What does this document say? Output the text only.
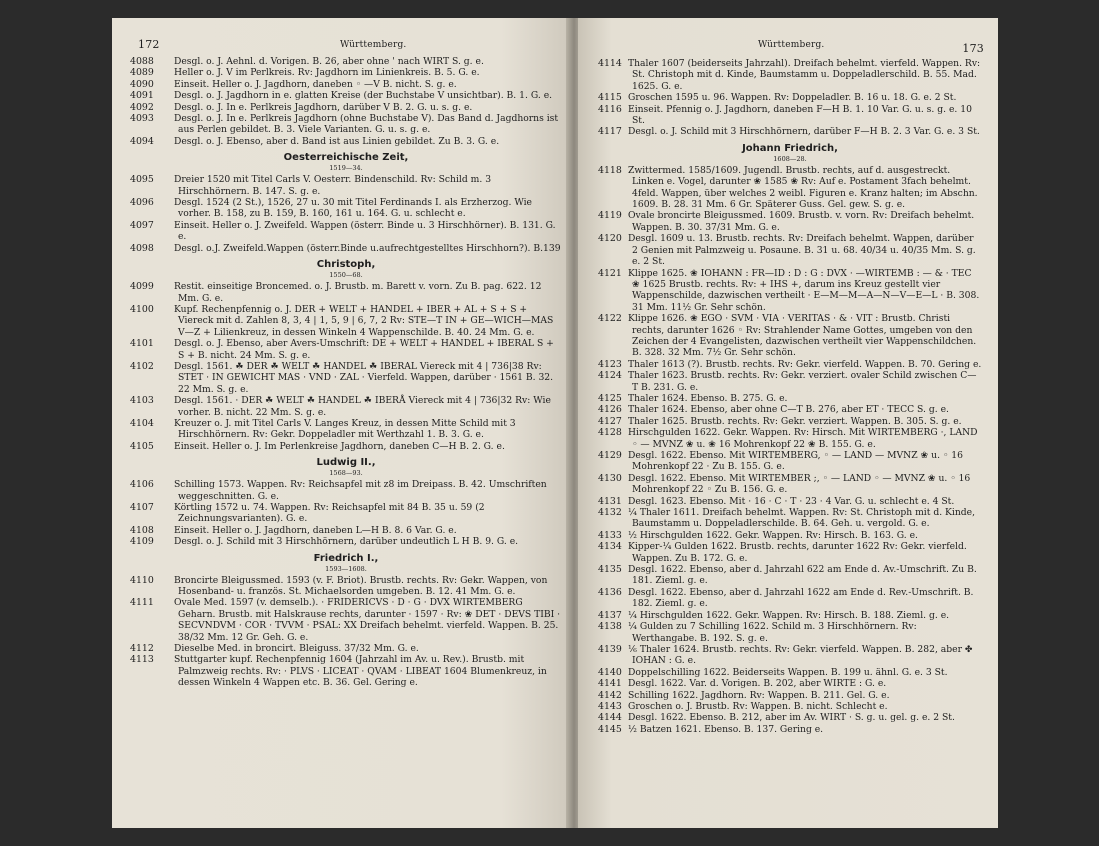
172	Württemberg.

4088 Desgl. o. J. Aehnl. d. Vorigen. B. 26, aber ohne ' nach WIRT S. g. e.

4089 Heller o. J. V im Perlkreis. Rv: Jagdhorn im Linienkreis. B. 5. G. e.

4090 Einseit. Heller o. J. Jagdhorn, daneben ◦ —V B. nicht. S. g. e.

4091 Desgl. o. J. Jagdhorn in e. glatten Kreise (der Buchstabe V unsichtbar). B. 1. G. e.

4092 Desgl. o. J. In e. Perlkreis Jagdhorn, darüber V B. 2. G. u. s. g. e.

4093 Desgl. o. J. In e. Perlkreis Jagdhorn (ohne Buchstabe V). Das Band d. Jagdhorns ist aus Perlen gebildet. B. 3. Viele Varianten. G. u. s. g. e.

4094 Desgl. o. J. Ebenso, aber d. Band ist aus Linien gebildet. Zu B. 3. G. e.

Oesterreichische Zeit,
1519—34.

4095 Dreier 1520 mit Titel Carls V. Oesterr. Bindenschild. Rv: Schild m. 3 Hirschhörnern. B. 147. S. g. e.

4096 Desgl. 1524 (2 St.), 1526, 27 u. 30 mit Titel Ferdinands I. als Erzherzog. Wie vorher. B. 158, zu B. 159, B. 160, 161 u. 164. G. u. schlecht e.

4097 Einseit. Heller o. J. Zweifeld. Wappen (österr. Binde u. 3 Hirschhörner). B. 131. G. e.

4098 Desgl. o.J. Zweifeld.Wappen (österr.Binde u.aufrechtgestelltes Hirschhorn?). B.139

Christoph,
1550—68.

4099 Restit. einseitige Broncemed. o. J. Brustb. m. Barett v. vorn. Zu B. pag. 622. 12 Mm. G. e.

4100 Kupf. Rechenpfennig o. J. DER + WELT + HANDEL + IBER + AL + S + S + Viereck mit d. Zahlen 8, 3, 4 | 1, 5, 9 | 6, 7, 2 Rv: STE—T IN + GE—WICH—MAS V—Z + Lilienkreuz, in dessen Winkeln 4 Wappenschilde. B. 40. 24 Mm. G. e.

4101 Desgl. o. J. Ebenso, aber Avers-Umschrift: DE + WELT + HANDEL + IBERAL S + S + B. nicht. 24 Mm. S. g. e.

4102 Desgl. 1561. ☘ DER ☘ WELT ☘ HANDEL ☘ IBERAL Viereck mit 4 | 736|38 Rv: STET · IN GEWICHT MAS · VND · ZAL · Vierfeld. Wappen, darüber · 1561 B. 32. 22 Mm. S. g. e.

4103 Desgl. 1561. · DER ☘ WELT ☘ HANDEL ☘ IBERÅ Viereck mit 4 | 736|32 Rv: Wie vorher. B. nicht. 22 Mm. S. g. e.

4104 Kreuzer o. J. mit Titel Carls V. Langes Kreuz, in dessen Mitte Schild mit 3 Hirschhörnern. Rv: Gekr. Doppeladler mit Werthzahl 1. B. 3. G. e.

4105 Einseit. Heller o. J. Im Perlenkreise Jagdhorn, daneben C—H B. 2. G. e.

Ludwig II.,
1568—93.

4106 Schilling 1573. Wappen. Rv: Reichsapfel mit z8 im Dreipass. B. 42. Umschriften weggeschnitten. G. e.

4107 Körtling 1572 u. 74. Wappen. Rv: Reichsapfel mit 84 B. 35 u. 59 (2 Zeichnungsvarianten). G. e.

4108 Einseit. Heller o. J. Jagdhorn, daneben L—H B. 8. 6 Var. G. e.

4109 Desgl. o. J. Schild mit 3 Hirschhörnern, darüber undeutlich L H B. 9. G. e.

Friedrich I.,
1593—1608.

4110 Broncirte Bleigussmed. 1593 (v. F. Briot). Brustb. rechts. Rv: Gekr. Wappen, von Hosenband- u. französ. St. Michaelsorden umgeben. B. 12. 41 Mm. G. e.

4111 Ovale Med. 1597 (v. demselb.). · FRIDERICVS · D · G · DVX WIRTEMBERG Geharn. Brustb. mit Halskrause rechts, darunter · 1597 · Rv: ❀ DET · DEVS TIBI · SECVNDVM · COR · TVVM · PSAL: XX Dreifach behelmt. vierfeld. Wappen. B. 25. 38/32 Mm. 12 Gr. Geh. G. e.

4112 Dieselbe Med. in broncirt. Bleiguss. 37/32 Mm. G. e.

4113 Stuttgarter kupf. Rechenpfennig 1604 (Jahrzahl im Av. u. Rev.). Brustb. mit Palmzweig rechts. Rv: · PLVS · LICEAT · QVAM · LIBEAT 1604 Blumenkreuz, in dessen Winkeln 4 Wappen etc. B. 36. Gel. Gering e.

Württemberg.	173

4114 Thaler 1607 (beiderseits Jahrzahl). Dreifach behelmt. vierfeld. Wappen. Rv: St. Christoph mit d. Kinde, Baumstamm u. Doppeladlerschild. B. 55. Mad. 1625. G. e.

4115 Groschen 1595 u. 96. Wappen. Rv: Doppeladler. B. 16 u. 18. G. e. 2 St.

4116 Einseit. Pfennig o. J. Jagdhorn, daneben F—H B. 1. 10 Var. G. u. s. g. e. 10 St.

4117 Desgl. o. J. Schild mit 3 Hirschhörnern, darüber F—H B. 2. 3 Var. G. e. 3 St.

Johann Friedrich,
1608—28.

4118 Zwittermed. 1585/1609. Jugendl. Brustb. rechts, auf d. ausgestreckt. Linken e. Vogel, darunter ❀ 1585 ❀ Rv: Auf e. Postament 3fach behelmt. 4feld. Wappen, über welches 2 weibl. Figuren e. Kranz halten; im Abschn. 1609. B. 28. 31 Mm. 6 Gr. Späterer Guss. Gel. gew. S. g. e.

4119 Ovale broncirte Bleigussmed. 1609. Brustb. v. vorn. Rv: Dreifach behelmt. Wappen. B. 30. 37/31 Mm. G. e.

4120 Desgl. 1609 u. 13. Brustb. rechts. Rv: Dreifach behelmt. Wappen, darüber 2 Genien mit Palmzweig u. Posaune. B. 31 u. 68. 40/34 u. 40/35 Mm. S. g. e. 2 St.

4121 Klippe 1625. ❀ IOHANN : FR—ID : D : G : DVX · —WIRTEMB : — & · TEC ❀ 1625 Brustb. rechts. Rv: + IHS +, darum ins Kreuz gestellt vier Wappenschilde, dazwischen vertheilt · E—M—M—A—N—V—E—L · B. 308. 31 Mm. 11½ Gr. Sehr schön.

4122 Klippe 1626. ❀ EGO · SVM · VIA · VERITAS · & · VIT : Brustb. Christi rechts, darunter 1626 ◦ Rv: Strahlender Name Gottes, umgeben von den Zeichen der 4 Evangelisten, dazwischen vertheilt vier Wappenschildchen. B. 328. 32 Mm. 7½ Gr. Sehr schön.

4123 Thaler 1613 (?). Brustb. rechts. Rv: Gekr. vierfeld. Wappen. B. 70. Gering e.

4124 Thaler 1623. Brustb. rechts. Rv: Gekr. verziert. ovaler Schild zwischen C—T B. 231. G. e.

4125 Thaler 1624. Ebenso. B. 275. G. e.

4126 Thaler 1624. Ebenso, aber ohne C—T B. 276, aber ET · TECC S. g. e.

4127 Thaler 1625. Brustb. rechts. Rv: Gekr. verziert. Wappen. B. 305. S. g. e.

4128 Hirschgulden 1622. Gekr. Wappen. Rv: Hirsch. Mit WIRTEMBERG ·, LAND ◦ — MVNZ ❀ u. ❀ 16 Mohrenkopf 22 ❀ B. 155. G. e.

4129 Desgl. 1622. Ebenso. Mit WIRTEMBERG, ◦ — LAND — MVNZ ❀ u. ◦ 16 Mohrenkopf 22 · Zu B. 155. G. e.

4130 Desgl. 1622. Ebenso. Mit WIRTEMBER ;, ◦ — LAND ◦ — MVNZ ❀ u. ◦ 16 Mohrenkopf 22 ◦ Zu B. 156. G. e.

4131 Desgl. 1623. Ebenso. Mit · 16 · C · T · 23 · 4 Var. G. u. schlecht e. 4 St.

4132 ¼ Thaler 1611. Dreifach behelmt. Wappen. Rv: St. Christoph mit d. Kinde, Baumstamm u. Doppeladlerschilde. B. 64. Geh. u. vergold. G. e.

4133 ½ Hirschgulden 1622. Gekr. Wappen. Rv: Hirsch. B. 163. G. e.

4134 Kipper-¼ Gulden 1622. Brustb. rechts, darunter 1622 Rv: Gekr. vierfeld. Wappen. Zu B. 172. G. e.

4135 Desgl. 1622. Ebenso, aber d. Jahrzahl 622 am Ende d. Av.-Umschrift. Zu B. 181. Zieml. g. e.

4136 Desgl. 1622. Ebenso, aber d. Jahrzahl 1622 am Ende d. Rev.-Umschrift. B. 182. Zieml. g. e.

4137 ¼ Hirschgulden 1622. Gekr. Wappen. Rv: Hirsch. B. 188. Zieml. g. e.

4138 ¼ Gulden zu 7 Schilling 1622. Schild m. 3 Hirschhörnern. Rv: Werthangabe. B. 192. S. g. e.

4139 ⅙ Thaler 1624. Brustb. rechts. Rv: Gekr. vierfeld. Wappen. B. 282, aber ✤ IOHAN : G. e.

4140 Doppelschilling 1622. Beiderseits Wappen. B. 199 u. ähnl. G. e. 3 St.

4141 Desgl. 1622. Var. d. Vorigen. B. 202, aber WIRTE : G. e.

4142 Schilling 1622. Jagdhorn. Rv: Wappen. B. 211. Gel. G. e.

4143 Groschen o. J. Brustb. Rv: Wappen. B. nicht. Schlecht e.

4144 Desgl. 1622. Ebenso. B. 212, aber im Av. WIRT · S. g. u. gel. g. e. 2 St.

4145 ½ Batzen 1621. Ebenso. B. 137. Gering e.
